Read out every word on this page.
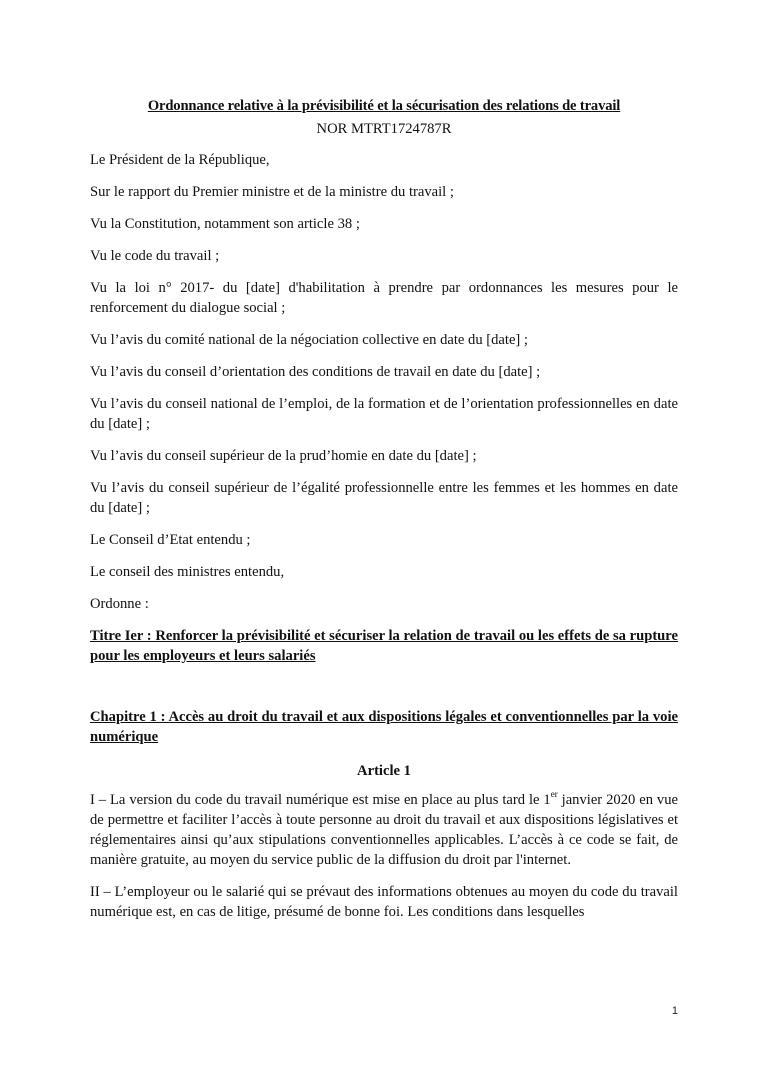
Ordonnance relative à la prévisibilité et la sécurisation des relations de travail

NOR MTRT1724787R

Le Président de la République,

Sur le rapport du Premier ministre et de la ministre du travail ;

Vu la Constitution, notamment son article 38 ;

Vu le code du travail ;

Vu la loi n° 2017- du [date] d'habilitation à prendre par ordonnances les mesures pour le renforcement du dialogue social ;

Vu l’avis du comité national de la négociation collective en date du [date] ;

Vu l’avis du conseil d’orientation des conditions de travail en date du [date] ;

Vu l’avis du conseil national de l’emploi, de la formation et de l’orientation professionnelles en date du [date] ;

Vu l’avis du conseil supérieur de la prud’homie en date du [date] ;

Vu l’avis du conseil supérieur de l’égalité professionnelle entre les femmes et les hommes en date du [date] ;

Le Conseil d’Etat entendu ;

Le conseil des ministres entendu,

Ordonne :

Titre Ier : Renforcer la prévisibilité et sécuriser la relation de travail ou les effets de sa rupture pour les employeurs et leurs salariés

Chapitre 1 : Accès au droit du travail et aux dispositions légales et conventionnelles par la voie numérique

Article 1

I – La version du code du travail numérique est mise en place au plus tard le 1er janvier 2020 en vue de permettre et faciliter l’accès à toute personne au droit du travail et aux dispositions législatives et réglementaires ainsi qu’aux stipulations conventionnelles applicables. L’accès à ce code se fait, de manière gratuite, au moyen du service public de la diffusion du droit par l'internet.

II – L’employeur ou le salarié qui se prévaut des informations obtenues au moyen du code du travail numérique est, en cas de litige, présumé de bonne foi. Les conditions dans lesquelles

1
